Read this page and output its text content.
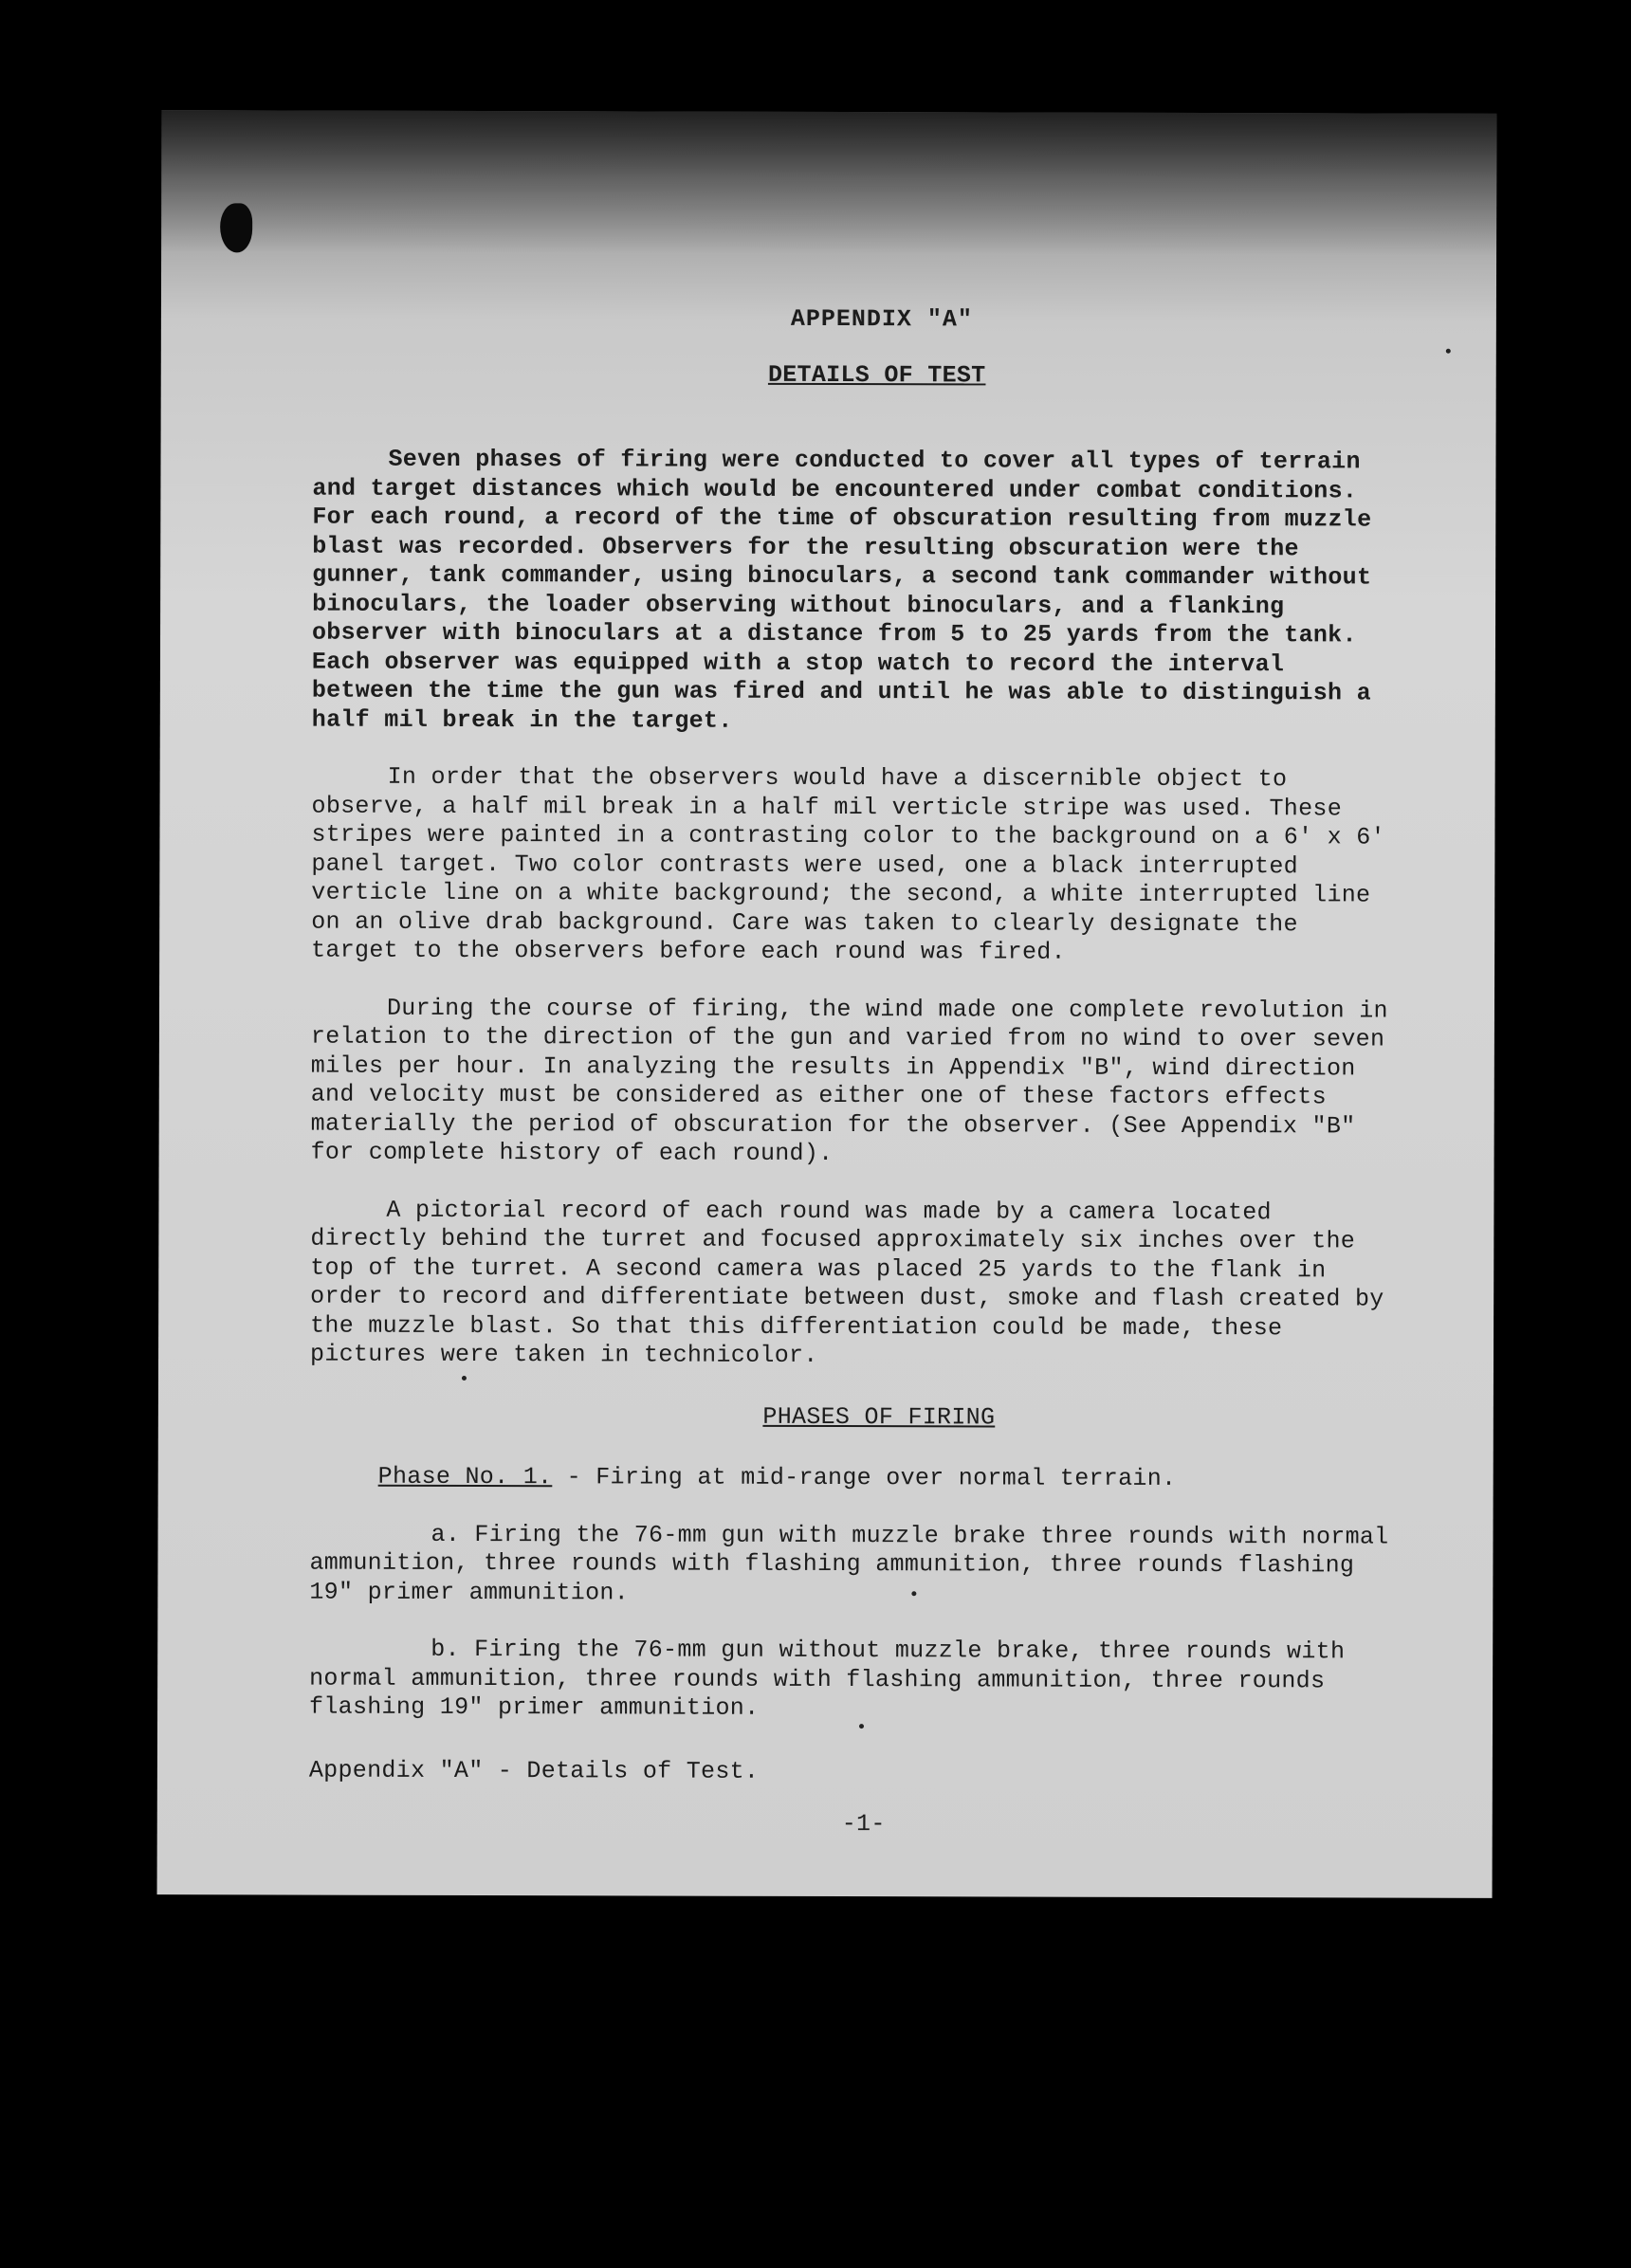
APPENDIX "A"

DETAILS OF TEST

Seven phases of firing were conducted to cover all types of terrain and target distances which would be encountered under combat conditions. For each round, a record of the time of obscuration resulting from muzzle blast was recorded. Observers for the resulting obscuration were the gunner, tank commander, using binoculars, a second tank commander without binoculars, the loader observing without binoculars, and a flanking observer with binoculars at a distance from 5 to 25 yards from the tank. Each observer was equipped with a stop watch to record the interval between the time the gun was fired and until he was able to distinguish a half mil break in the target.

In order that the observers would have a discernible object to observe, a half mil break in a half mil verticle stripe was used. These stripes were painted in a contrasting color to the background on a 6' x 6' panel target. Two color contrasts were used, one a black interrupted verticle line on a white background; the second, a white interrupted line on an olive drab background. Care was taken to clearly designate the target to the observers before each round was fired.

During the course of firing, the wind made one complete revolution in relation to the direction of the gun and varied from no wind to over seven miles per hour. In analyzing the results in Appendix "B", wind direction and velocity must be considered as either one of these factors effects materially the period of obscuration for the observer. (See Appendix "B" for complete history of each round).

A pictorial record of each round was made by a camera located directly behind the turret and focused approximately six inches over the top of the turret. A second camera was placed 25 yards to the flank in order to record and differentiate between dust, smoke and flash created by the muzzle blast. So that this differentiation could be made, these pictures were taken in technicolor.

PHASES OF FIRING

Phase No. 1. - Firing at mid-range over normal terrain.

a. Firing the 76-mm gun with muzzle brake three rounds with normal ammunition, three rounds with flashing ammunition, three rounds flashing 19" primer ammunition.

b. Firing the 76-mm gun without muzzle brake, three rounds with normal ammunition, three rounds with flashing ammunition, three rounds flashing 19" primer ammunition.

Appendix "A" - Details of Test.

-1-
